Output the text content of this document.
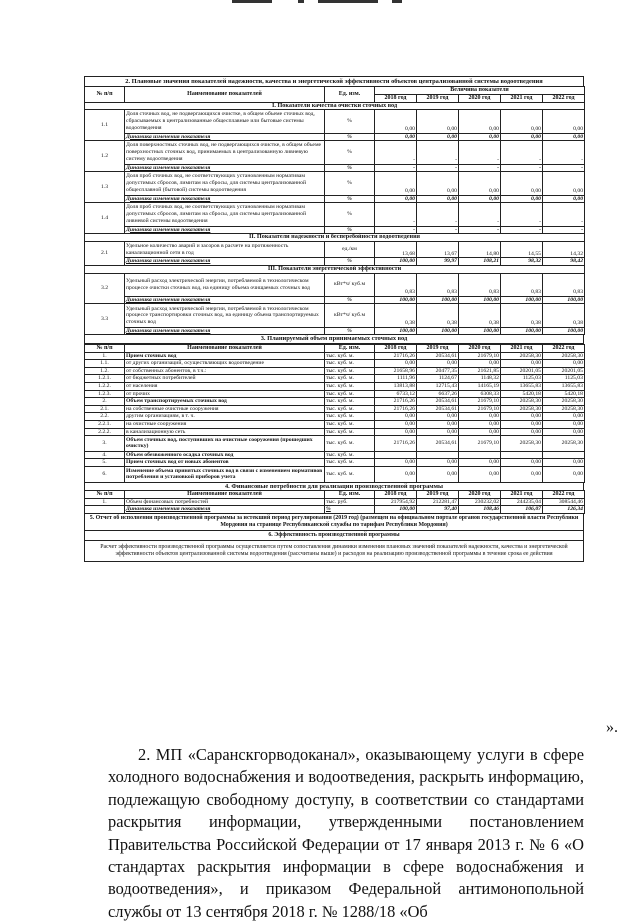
2. Плановые значения показателей надежности, качества и энергетической эффективности объектов централизованной системы водоотведения
№ п/п	Наименование показателей	Ед. изм.	Величина показателя				
			2018 год	2019 год	2020 год	2021 год	2022 год
I. Показатели качества очистки сточных вод							
1.1	Доля сточных вод, не подвергающихся очистке, в общем объеме сточных вод, сбрасываемых в централизованные общесплавные или бытовые системы водоотведения	%	0,00	0,00	0,00	0,00	0,00
	Динамика изменения показателя	%	0,00	0,00	0,00	0,00	0,00
1.2	Доля поверхностных сточных вод, не подвергающихся очистке, в общем объеме поверхностных сточных вод, принимаемых в централизованную ливневую систему водоотведения	%	-	-	-	-	-
	Динамика изменения показателя	%	-	-	-	-	-
1.3	Доля проб сточных вод, не соответствующих установленным нормативам допустимых сбросов, лимитам на сбросы, для системы централизованной общесплавной (бытовой) системы водоотведения	%	0,00	0,00	0,00	0,00	0,00
	Динамика изменения показателя	%	0,00	0,00	0,00	0,00	0,00
1.4	Доля проб сточных вод, не соответствующих установленным нормативам допустимых сбросов, лимитам на сбросы, для системы централизованной ливневой системы водоотведения	%	-	-	-	-	-
	Динамика изменения показателя	%	-	-	-	-	-
II. Показатели надежности и бесперебойности водоотведения							
2.1	Удельное количество аварий и засоров в расчете на протяженность канализационной сети в год	ед./км	13,68	13,67	14,80	14,55	14,32
	Динамика изменения показателя	%	100,00	99,97	108,21	98,32	98,42
III. Показатели энергетической эффективности							
3.2	Удельный расход электрической энергии, потребляемой в технологическом процессе очистки сточных вод, на единицу объема очищаемых сточных вод	кВт*ч/ куб.м	0,83	0,83	0,83	0,83	0,83
	Динамика изменения показателя	%	100,00	100,00	100,00	100,00	100,00
3.3	Удельный расход электрической энергии, потребляемой в технологическом процессе транспортировки сточных вод, на единицу объема транспортируемых сточных вод	кВт*ч/ куб.м	0,38	0,38	0,38	0,38	0,38
	Динамика изменения показателя	%	100,00	100,00	100,00	100,00	100,00
3. Планируемый объем принимаемых сточных вод
№ п/п	Наименование показателей	Ед. изм.	2018 год	2019 год	2020 год	2021 год	2022 год
1.	Прием сточных вод	тыс. куб. м.	21716,26	20534,61	21679,10	20258,30	20258,30
1.1.	от других организаций, осуществляющих водоотведение	тыс. куб. м.	0,00	0,00	0,00	0,00	0,00
1.2.	от собственных абонентов, в т.ч.:	тыс. куб. м.	21658,96	20477,35	21621,85	20201,05	20201,05
1.2.1.	от бюджетных потребителей	тыс. куб. м.	1111,96	1124,67	1148,32	1125,03	1125,03
1.2.2.	от населения	тыс. куб. м.	13813,88	12715,43	14165,19	13655,83	13655,83
1.2.3.	от прочих	тыс. куб. м.	6733,12	6637,26	6308,33	5420,18	5420,18
2.	Объем транспортируемых сточных вод	тыс. куб. м.	21716,26	20534,61	21679,10	20258,30	20258,30
2.1.	на собственные очистные сооружения	тыс. куб. м.	21716,26	20534,61	21679,10	20258,30	20258,30
2.2.	другим организациям, в т. ч.	тыс. куб. м.	0,00	0,00	0,00	0,00	0,00
2.2.1.	на очистные сооружения	тыс. куб. м.	0,00	0,00	0,00	0,00	0,00
2.2.2.	в канализационную сеть	тыс. куб. м.	0,00	0,00	0,00	0,00	0,00
3.	Объем сточных вод, поступивших на очистные сооружения (прошедших очистку)	тыс. куб. м.	21716,26	20534,61	21679,10	20258,30	20258,30
4.	Объем обезвоженного осадка сточных вод	тыс. куб. м.					
5.	Прием сточных вод от новых абонентов	тыс. куб. м.	0,00	0,00	0,00	0,00	0,00
6.	Изменение объема принятых сточных вод в связи с изменением нормативов потребления и установкой приборов учета	тыс. куб. м.	0,00	0,00	0,00	0,00	0,00
4. Финансовые потребности для реализации производственной программы
№ п/п	Наименование показателей	Ед. изм.	2018 год	2019 год	2020 год	2021 год	2022 год
1.	Объем финансовых потребностей	тыс. руб.	217954,92	212281,47	230232,02	244235,04	308544,46
	Динамика изменения показателя	%	100,00	97,40	108,46	106,07	126,34
5. Отчет об исполнении производственной программы за истекший период регулирования (2019 год) (размещен на официальном портале органов государственной власти Республики Мордовия на странице Республиканской службы по тарифам Республики Мордовия)
6. Эффективность производственной программы
Расчет эффективности производственной программы осуществляется путем сопоставления динамики изменения плановых значений показателей надежности, качества и энергетической эффективности объектов централизованной системы водоотведения (рассчитаны выше) и расходов на реализацию производственной программы в течение срока ее действия
».
2. МП «Саранскгорводоканал», оказывающему услуги в сфере холодного водоснабжения и водоотведения, раскрыть информацию, подлежащую свободному доступу, в соответствии со стандартами раскрытия информации, утвержденными постановлением Правительства Российской Федерации от 17 января 2013 г. № 6 «О стандартах раскрытия информации в сфере водоснабжения и водоотведения», и приказом Федеральной антимонопольной службы от 13 сентября 2018 г. № 1288/18 «Об
